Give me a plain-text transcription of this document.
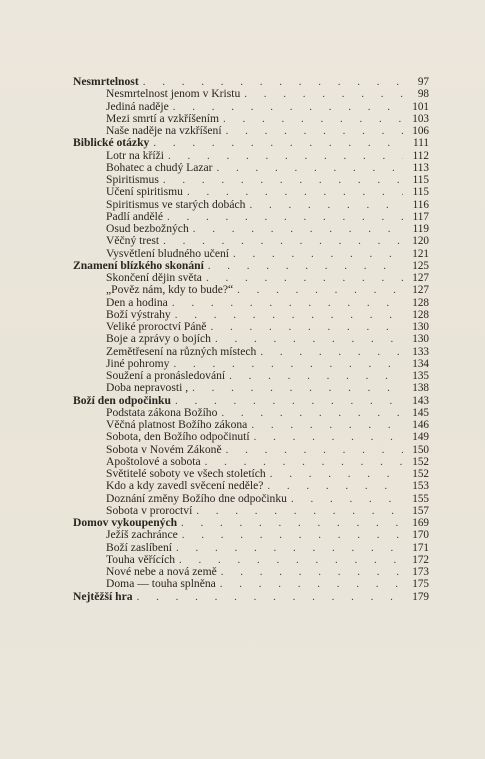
Nesmrtelnost . . .	97
Nesmrtelnost jenom v Kristu . . .	98
Jediná naděje . . .	101
Mezi smrtí a vzkříšením . . .	103
Naše naděje na vzkříšení . . .	106
Biblické otázky . . .	111
Lotr na kříži . . .	112
Bohatec a chudý Lazar . . .	113
Spiritismus . . .	115
Učení spiritismu . . .	115
Spiritismus ve starých dobách . . .	116
Padlí andělé . . .	117
Osud bezbožných . . .	119
Věčný trest . . .	120
Vysvětlení bludného učení . . .	121
Znamení blízkého skonání . . .	125
Skončení dějin světa . . .	127
„Pověz nám, kdy to bude?“ . . .	127
Den a hodina . . .	128
Boží výstrahy . . .	128
Veliké proroctví Páně . . .	130
Boje a zprávy o bojích . . .	130
Zemětřesení na různých místech . . .	133
Jiné pohromy . . .	134
Soužení a pronásledování . . .	135
Doba nepravosti , . . .	138
Boží den odpočinku . . .	143
Podstata zákona Božího . . .	145
Věčná platnost Božího zákona . . .	146
Sobota, den Božího odpočinutí . . .	149
Sobota v Novém Zákoně . . .	150
Apoštolové a sobota . . .	152
Světitelé soboty ve všech stoletích . . .	152
Kdo a kdy zavedl svěcení neděle? . . .	153
Doznání změny Božího dne odpočinku . . .	155
Sobota v proroctví . . .	157
Domov vykoupených . . .	169
Ježíš zachránce . . .	170
Boží zaslíbení . . .	171
Touha věřících . . .	172
Nové nebe a nová země . . .	173
Doma — touha splněna . . .	175
Nejtěžší hra . . .	179
